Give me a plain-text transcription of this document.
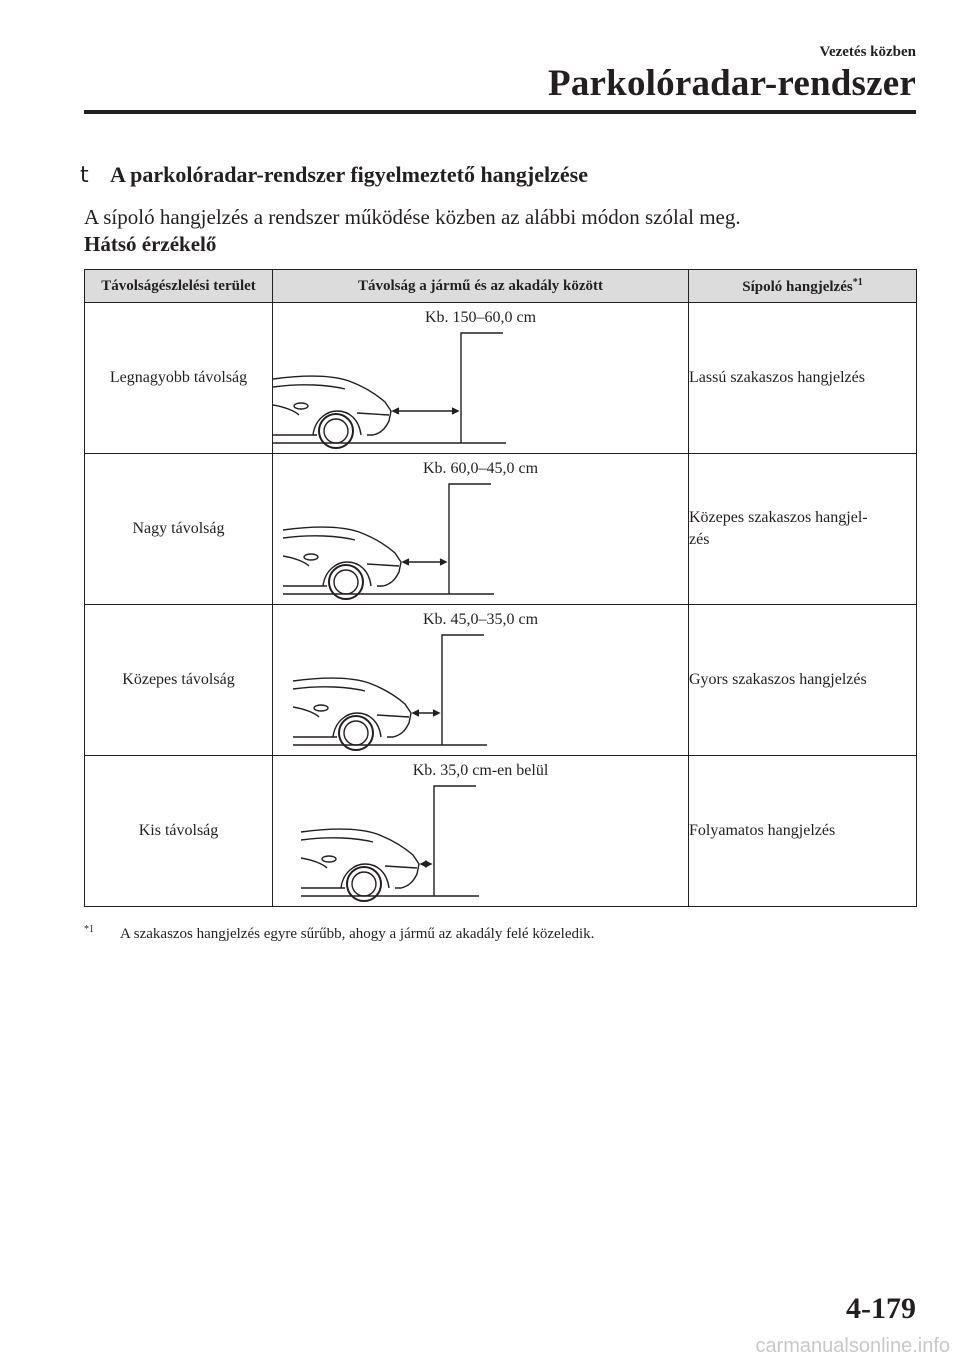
Vezetés közben
Parkolóradar-rendszer
t A parkolóradar-rendszer figyelmeztető hangjelzése
A sípoló hangjelzés a rendszer működése közben az alábbi módon szólal meg.
Hátsó érzékelő
Távolságészlelési terület	Távolság a jármű és az akadály között	Sípoló hangjelzés$^{*1}$
Legnagyobb távolság	Kb. 150–60,0 cm	Lassú szakaszos hangjelzés
Nagy távolság	Kb. 60,0–45,0 cm	Közepes szakaszos hangjel-
zés
Közepes távolság	Kb. 45,0–35,0 cm	Gyors szakaszos hangjelzés
Kis távolság	Kb. 35,0 cm-en belül	Folyamatos hangjelzés
$^{*1}$ A szakaszos hangjelzés egyre sűrűbb, ahogy a jármű az akadály felé közeledik.
4-179
carmanualsonline.info
